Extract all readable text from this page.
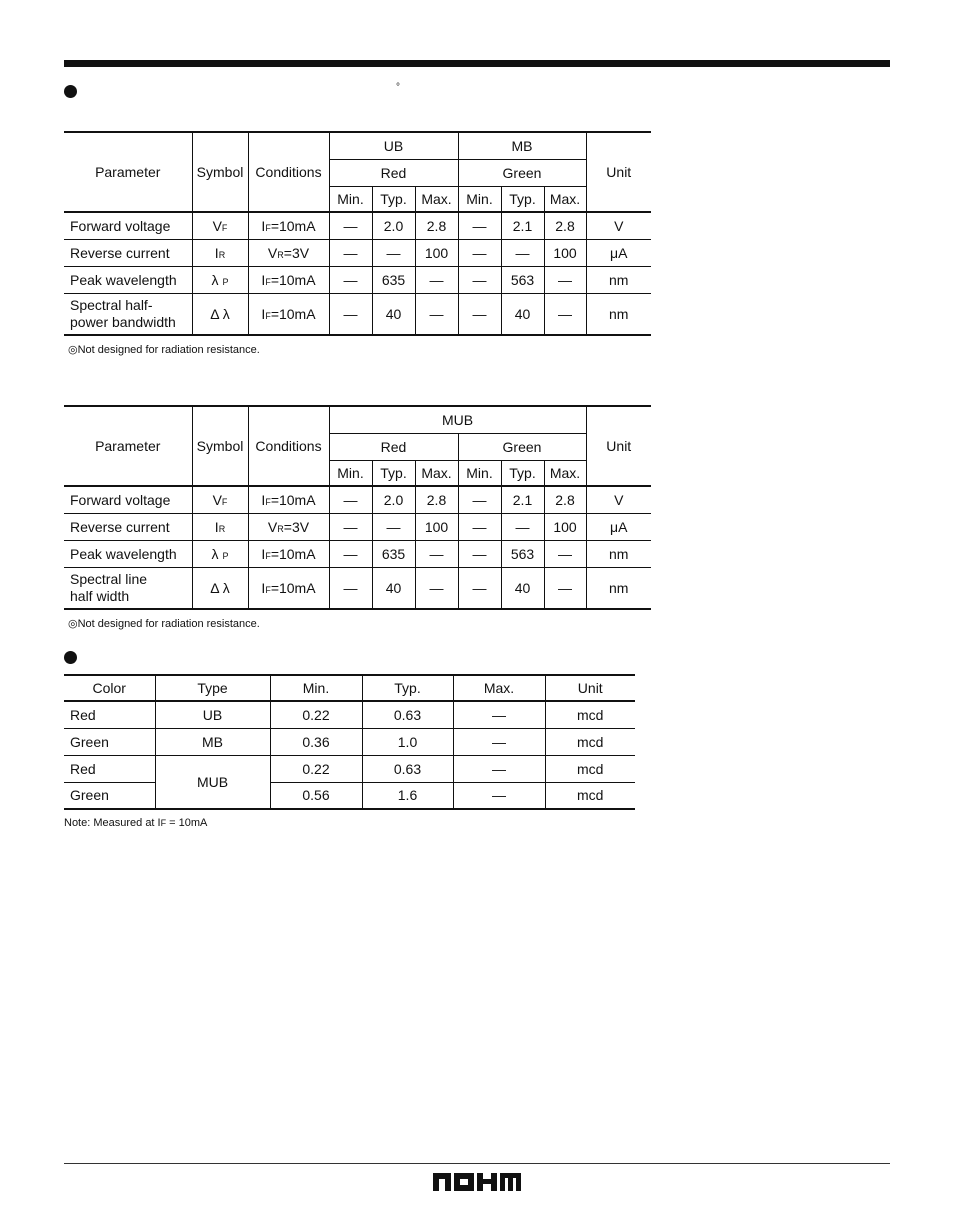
°
Parameter	Symbol	Conditions	UB			MB			Unit
			Red			Green			
			Min.	Typ.	Max.	Min.	Typ.	Max.	
Forward voltage	VF	IF=10mA	—	2.0	2.8	—	2.1	2.8	V
Reverse current	IR	VR=3V	—	—	100	—	—	100	μA
Peak wavelength	λ P	IF=10mA	—	635	—	—	563	—	nm
Spectral half-
power bandwidth	Δ λ	IF=10mA	—	40	—	—	40	—	nm
◎Not designed for radiation resistance.
Parameter	Symbol	Conditions	MUB						Unit
			Red			Green			
			Min.	Typ.	Max.	Min.	Typ.	Max.	
Forward voltage	VF	IF=10mA	—	2.0	2.8	—	2.1	2.8	V
Reverse current	IR	VR=3V	—	—	100	—	—	100	μA
Peak wavelength	λ P	IF=10mA	—	635	—	—	563	—	nm
Spectral line
half width	Δ λ	IF=10mA	—	40	—	—	40	—	nm
◎Not designed for radiation resistance.
Color	Type	Min.	Typ.	Max.	Unit
Red	UB	0.22	0.63	—	mcd
Green	MB	0.36	1.0	—	mcd
Red	MUB	0.22	0.63	—	mcd
Green		0.56	1.6	—	mcd
Note: Measured at IF = 10mA
